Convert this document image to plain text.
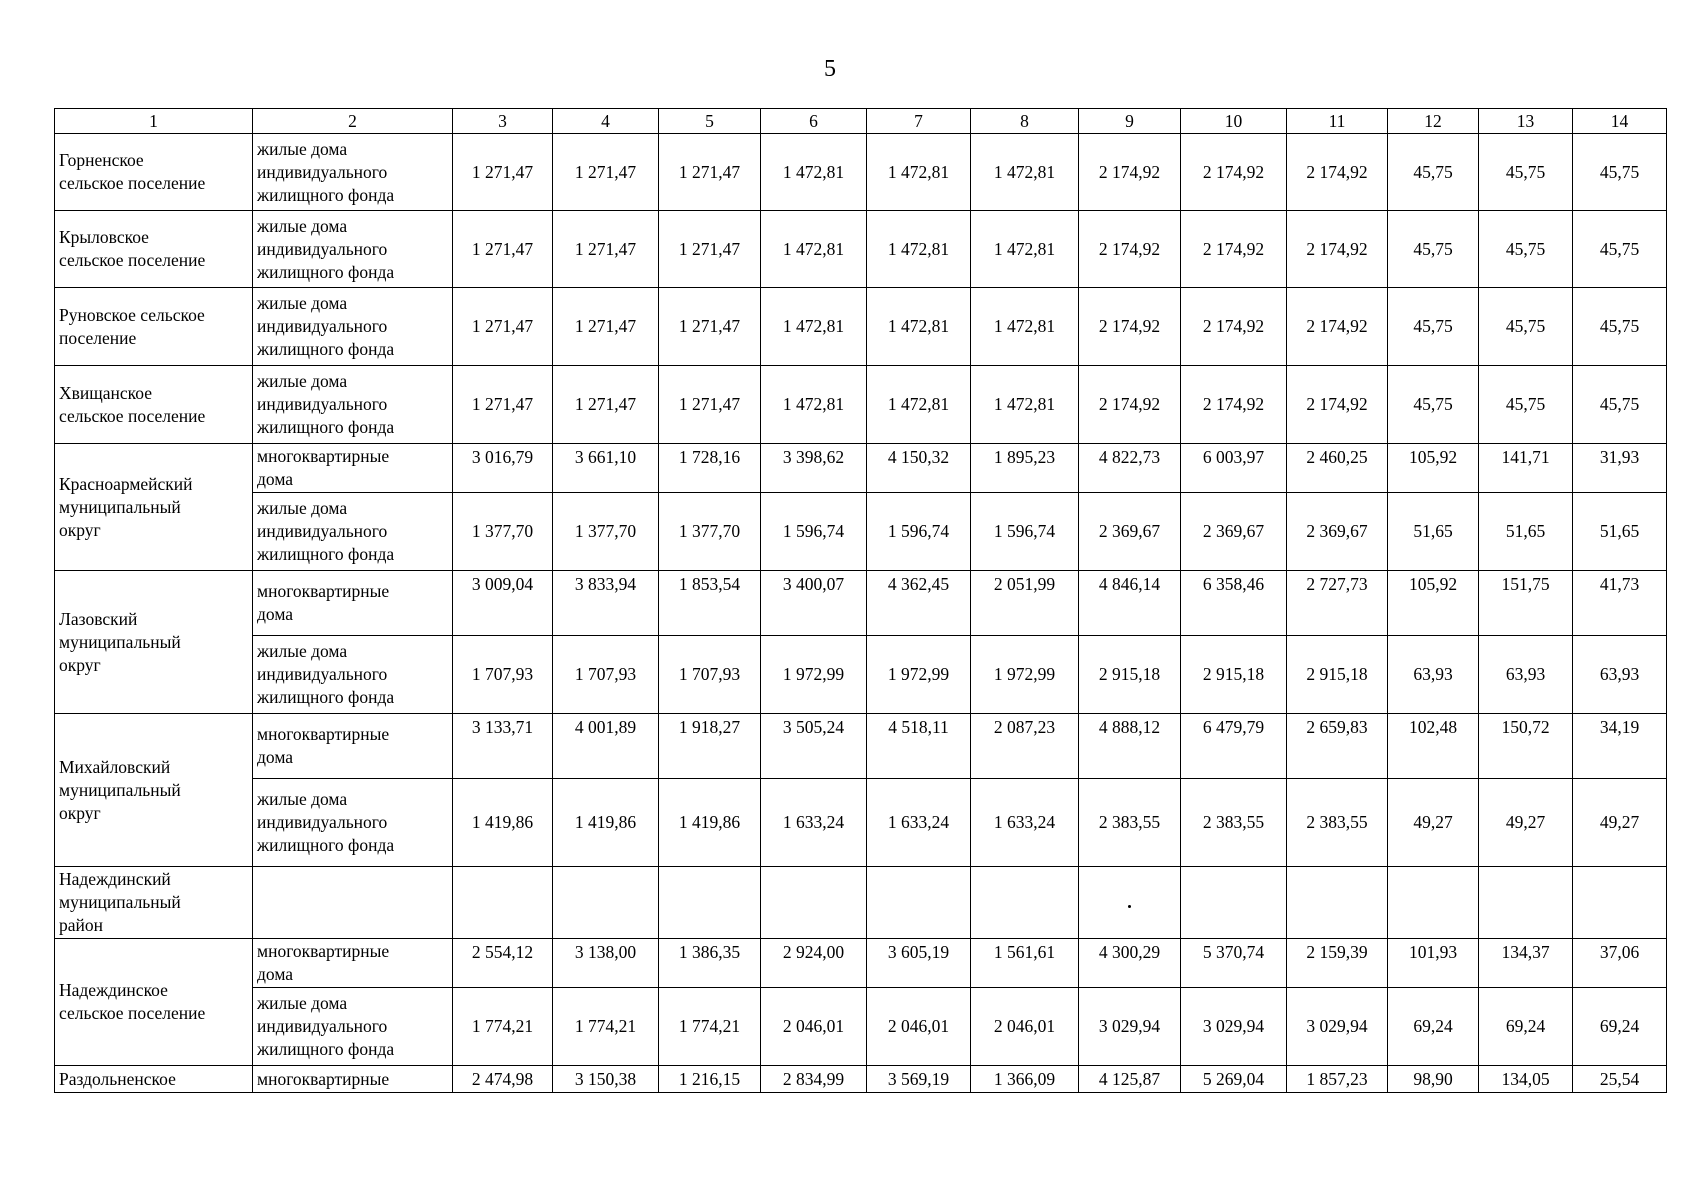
5
1	2	3	4	5	6	7	8	9	10	11	12	13	14

Горненское
сельское поселение	жилые дома
индивидуального
жилищного фонда	1 271,47	1 271,47	1 271,47	1 472,81	1 472,81	1 472,81	2 174,92	2 174,92	2 174,92	45,75	45,75	45,75

Крыловское
сельское поселение	жилые дома
индивидуального
жилищного фонда	1 271,47	1 271,47	1 271,47	1 472,81	1 472,81	1 472,81	2 174,92	2 174,92	2 174,92	45,75	45,75	45,75

Руновское сельское
поселение	жилые дома
индивидуального
жилищного фонда	1 271,47	1 271,47	1 271,47	1 472,81	1 472,81	1 472,81	2 174,92	2 174,92	2 174,92	45,75	45,75	45,75

Хвищанское
сельское поселение	жилые дома
индивидуального
жилищного фонда	1 271,47	1 271,47	1 271,47	1 472,81	1 472,81	1 472,81	2 174,92	2 174,92	2 174,92	45,75	45,75	45,75

Красноармейский
муниципальный
округ	многоквартирные
дома	3 016,79	3 661,10	1 728,16	3 398,62	4 150,32	1 895,23	4 822,73	6 003,97	2 460,25	105,92	141,71	31,93

	жилые дома
индивидуального
жилищного фонда	1 377,70	1 377,70	1 377,70	1 596,74	1 596,74	1 596,74	2 369,67	2 369,67	2 369,67	51,65	51,65	51,65

Лазовский
муниципальный
округ	многоквартирные
дома	3 009,04	3 833,94	1 853,54	3 400,07	4 362,45	2 051,99	4 846,14	6 358,46	2 727,73	105,92	151,75	41,73

	жилые дома
индивидуального
жилищного фонда	1 707,93	1 707,93	1 707,93	1 972,99	1 972,99	1 972,99	2 915,18	2 915,18	2 915,18	63,93	63,93	63,93

Михайловский
муниципальный
округ	многоквартирные
дома	3 133,71	4 001,89	1 918,27	3 505,24	4 518,11	2 087,23	4 888,12	6 479,79	2 659,83	102,48	150,72	34,19

	жилые дома
индивидуального
жилищного фонда	1 419,86	1 419,86	1 419,86	1 633,24	1 633,24	1 633,24	2 383,55	2 383,55	2 383,55	49,27	49,27	49,27

Надеждинский
муниципальный
район													

Надеждинское
сельское поселение	многоквартирные
дома	2 554,12	3 138,00	1 386,35	2 924,00	3 605,19	1 561,61	4 300,29	5 370,74	2 159,39	101,93	134,37	37,06

	жилые дома
индивидуального
жилищного фонда	1 774,21	1 774,21	1 774,21	2 046,01	2 046,01	2 046,01	3 029,94	3 029,94	3 029,94	69,24	69,24	69,24

Раздольненское	многоквартирные	2 474,98	3 150,38	1 216,15	2 834,99	3 569,19	1 366,09	4 125,87	5 269,04	1 857,23	98,90	134,05	25,54
